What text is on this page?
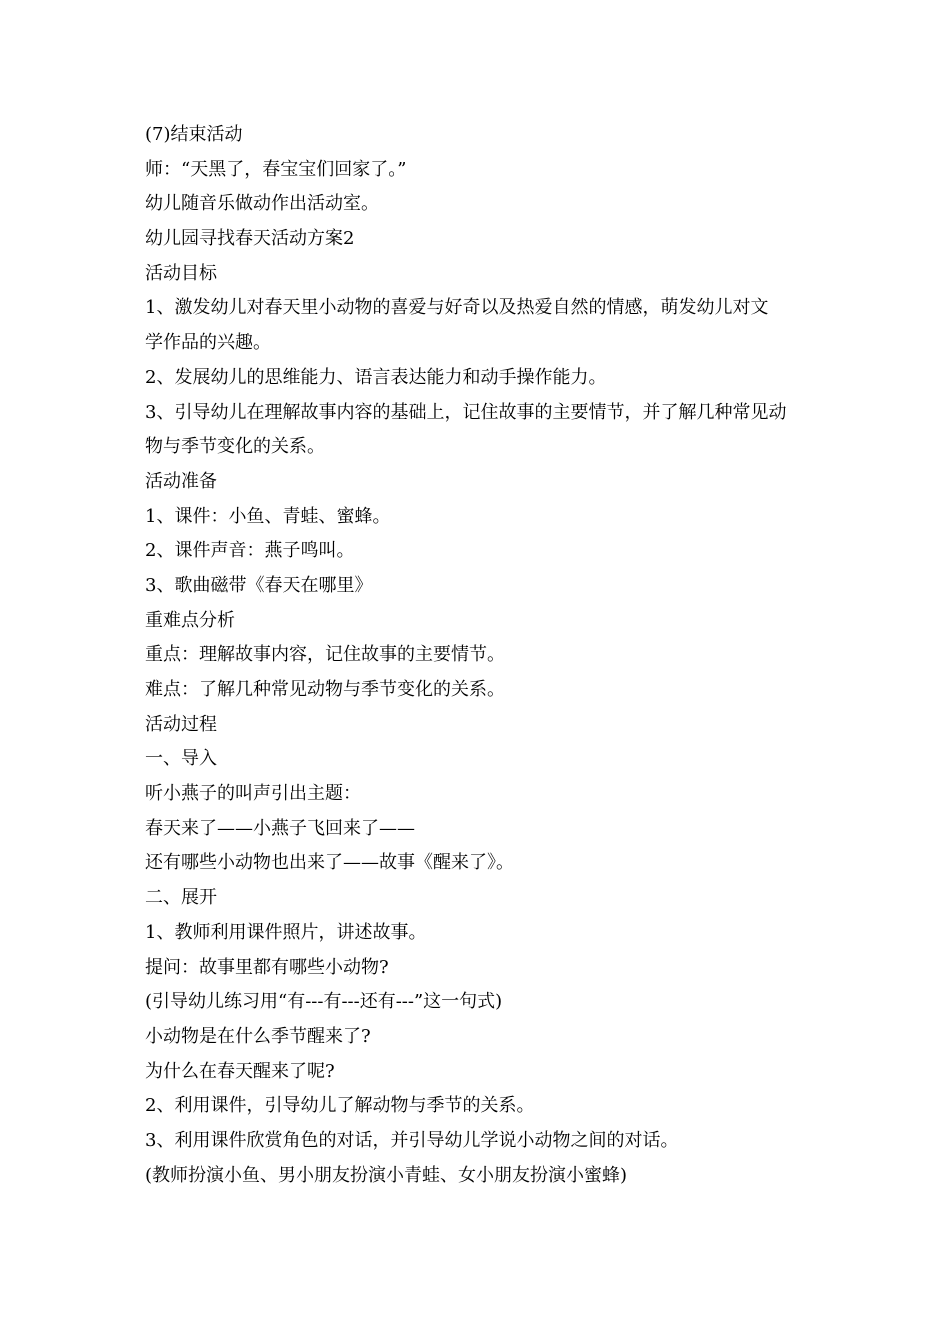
(7)结束活动

师：“天黑了，春宝宝们回家了。”

幼儿随音乐做动作出活动室。

幼儿园寻找春天活动方案2

活动目标

1、激发幼儿对春天里小动物的喜爱与好奇以及热爱自然的情感，萌发幼儿对文

学作品的兴趣。

2、发展幼儿的思维能力、语言表达能力和动手操作能力。

3、引导幼儿在理解故事内容的基础上，记住故事的主要情节，并了解几种常见动

物与季节变化的关系。

活动准备

1、课件：小鱼、青蛙、蜜蜂。

2、课件声音：燕子鸣叫。

3、歌曲磁带《春天在哪里》

重难点分析

重点：理解故事内容，记住故事的主要情节。

难点：了解几种常见动物与季节变化的关系。

活动过程

一、导入

听小燕子的叫声引出主题：

春天来了——小燕子飞回来了——

还有哪些小动物也出来了——故事《醒来了》。

二、展开

1、教师利用课件照片，讲述故事。

提问：故事里都有哪些小动物?

(引导幼儿练习用“有---有---还有---”这一句式)

小动物是在什么季节醒来了?

为什么在春天醒来了呢?

2、利用课件，引导幼儿了解动物与季节的关系。

3、利用课件欣赏角色的对话，并引导幼儿学说小动物之间的对话。

(教师扮演小鱼、男小朋友扮演小青蛙、女小朋友扮演小蜜蜂)
